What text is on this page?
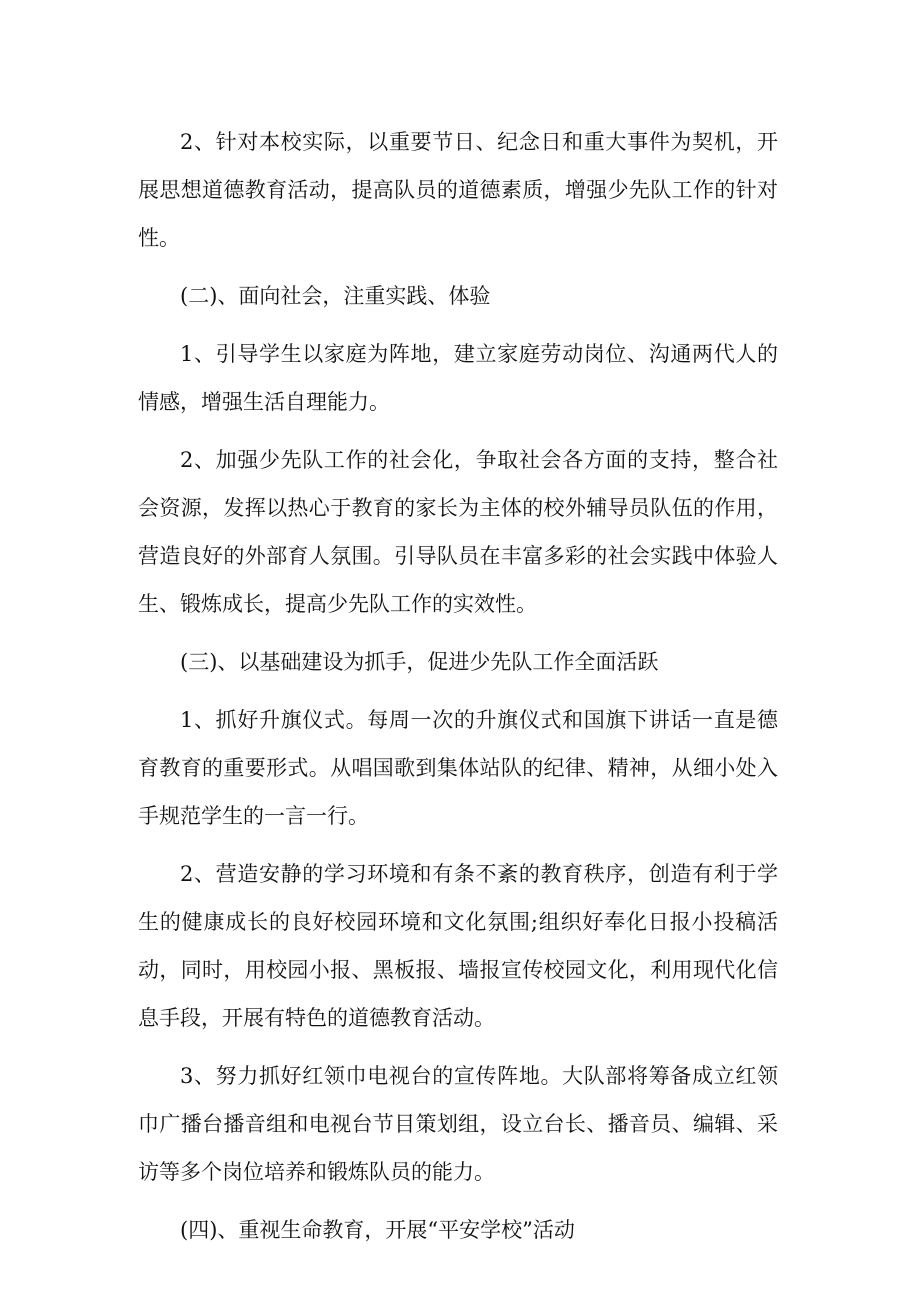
2、针对本校实际，以重要节日、纪念日和重大事件为契机，开展思想道德教育活动，提高队员的道德素质，增强少先队工作的针对性。

(二)、面向社会，注重实践、体验

1、引导学生以家庭为阵地，建立家庭劳动岗位、沟通两代人的情感，增强生活自理能力。

2、加强少先队工作的社会化，争取社会各方面的支持，整合社会资源，发挥以热心于教育的家长为主体的校外辅导员队伍的作用，营造良好的外部育人氛围。引导队员在丰富多彩的社会实践中体验人生、锻炼成长，提高少先队工作的实效性。

(三)、以基础建设为抓手，促进少先队工作全面活跃

1、抓好升旗仪式。每周一次的升旗仪式和国旗下讲话一直是德育教育的重要形式。从唱国歌到集体站队的纪律、精神，从细小处入手规范学生的一言一行。

2、营造安静的学习环境和有条不紊的教育秩序，创造有利于学生的健康成长的良好校园环境和文化氛围;组织好奉化日报小投稿活动，同时，用校园小报、黑板报、墙报宣传校园文化，利用现代化信息手段，开展有特色的道德教育活动。

3、努力抓好红领巾电视台的宣传阵地。大队部将筹备成立红领巾广播台播音组和电视台节目策划组，设立台长、播音员、编辑、采访等多个岗位培养和锻炼队员的能力。

(四)、重视生命教育，开展“平安学校”活动
